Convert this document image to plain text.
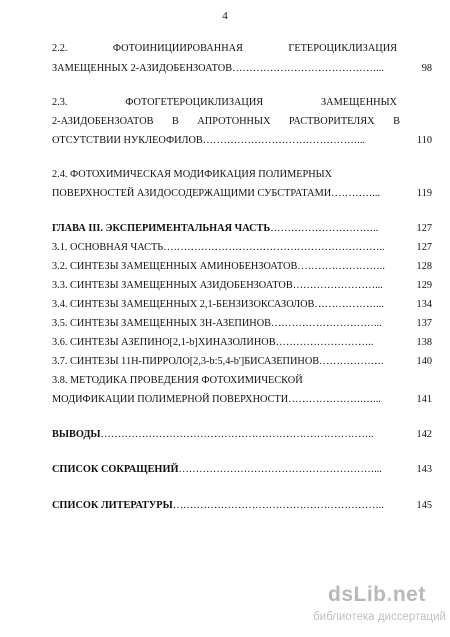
4
2.2.	ФОТОИНИЦИИРОВАННАЯ	ГЕТЕРОЦИКЛИЗАЦИЯ
ЗАМЕЩЕННЫХ 2-АЗИДОБЕНЗОАТОВ……………………………………...	98
2.3.	ФОТОГЕТЕРОЦИКЛИЗАЦИЯ	ЗАМЕЩЕННЫХ
2-АЗИДОБЕНЗОАТОВ В АПРОТОННЫХ РАСТВОРИТЕЛЯХ В
ОТСУТСТВИИ НУКЛЕОФИЛОВ………………………………………...	110
2.4. ФОТОХИМИЧЕСКАЯ МОДИФИКАЦИЯ ПОЛИМЕРНЫХ
ПОВЕРХНОСТЕЙ АЗИДОСОДЕРЖАЩИМИ СУБСТРАТАМИ…………...	119
ГЛАВА III. ЭКСПЕРИМЕНТАЛЬНАЯ ЧАСТЬ…………………………..	127
3.1. ОСНОВНАЯ ЧАСТЬ………………………………………………………..	127
3.2. СИНТЕЗЫ ЗАМЕЩЕННЫХ АМИНОБЕНЗОАТОВ……………………..	128
3.3. СИНТЕЗЫ ЗАМЕЩЕННЫХ АЗИДОБЕНЗОАТОВ……………………...	129
3.4. СИНТЕЗЫ ЗАМЕЩЕННЫХ 2,1-БЕНЗИЗОКСАЗОЛОВ………………...	134
3.5. СИНТЕЗЫ ЗАМЕЩЕННЫХ 3Н-АЗЕПИНОВ…………………………...	137
3.6. СИНТЕЗЫ АЗЕПИНО[2,1-b]ХИНАЗОЛИНОВ………………………..	138
3.7. СИНТЕЗЫ 11Н-ПИРРОЛО[2,3-b:5,4-b']БИСАЗЕПИНОВ……………….	140
3.8. МЕТОДИКА ПРОВЕДЕНИЯ ФОТОХИМИЧЕСКОЙ
МОДИФИКАЦИИ ПОЛИМЕРНОЙ ПОВЕРХНОСТИ………………….…...	141
ВЫВОДЫ……………………………………………………………………..	142
СПИСОК СОКРАЩЕНИЙ…………………………………………………...	143
СПИСОК ЛИТЕРАТУРЫ……………………………………………………..	145
dsLib.net
библиотека диссертаций
